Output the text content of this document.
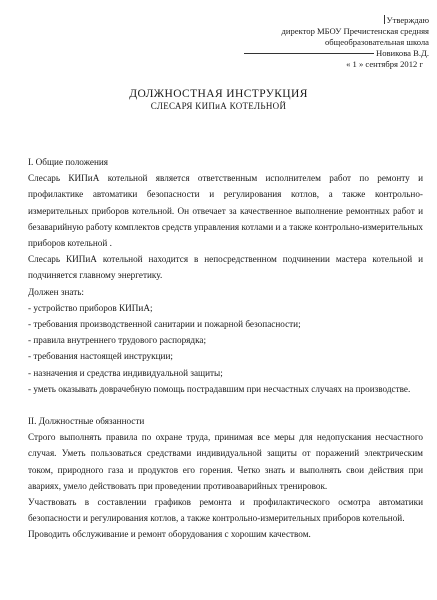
Утверждаю
директор МБОУ Пречистенская средняя
общеобразовательная школа
Новикова В.Д.
« 1 » сентября 2012 г
ДОЛЖНОСТНАЯ ИНСТРУКЦИЯ
СЛЕСАРЯ КИПиА КОТЕЛЬНОЙ

I. Общие положения

Слесарь КИПиА котельной является ответственным исполнителем работ по ремонту и профилактике автоматики безопасности и регулирования котлов, а также контрольно-измерительных приборов котельной. Он отвечает за качественное выполнение ремонтных работ и безаварийную работу комплектов средств управления котлами и а также контрольно-измерительных приборов котельной .

Слесарь КИПиА котельной находится в непосредственном подчинении мастера котельной и подчиняется главному энергетику.

Должен знать:

- устройство приборов КИПиА;

- требования производственной санитарии и пожарной безопасности;

- правила внутреннего трудового распорядка;

- требования настоящей инструкции;

- назначения и средства индивидуальной защиты;

- уметь оказывать доврачебную помощь пострадавшим при несчастных случаях на производстве.

II. Должностные обязанности

Строго выполнять правила по охране труда, принимая все меры для недопускания несчастного случая. Уметь пользоваться средствами индивидуальной защиты от поражений электрическим током, природного газа и продуктов его горения. Четко знать и выполнять свои действия при авариях, умело действовать при проведении противоаварийных тренировок.

Участвовать в составлении графиков ремонта и профилактического осмотра автоматики безопасности и регулирования котлов, а также контрольно-измерительных приборов котельной.

Проводить обслуживание и ремонт оборудования с хорошим качеством.
